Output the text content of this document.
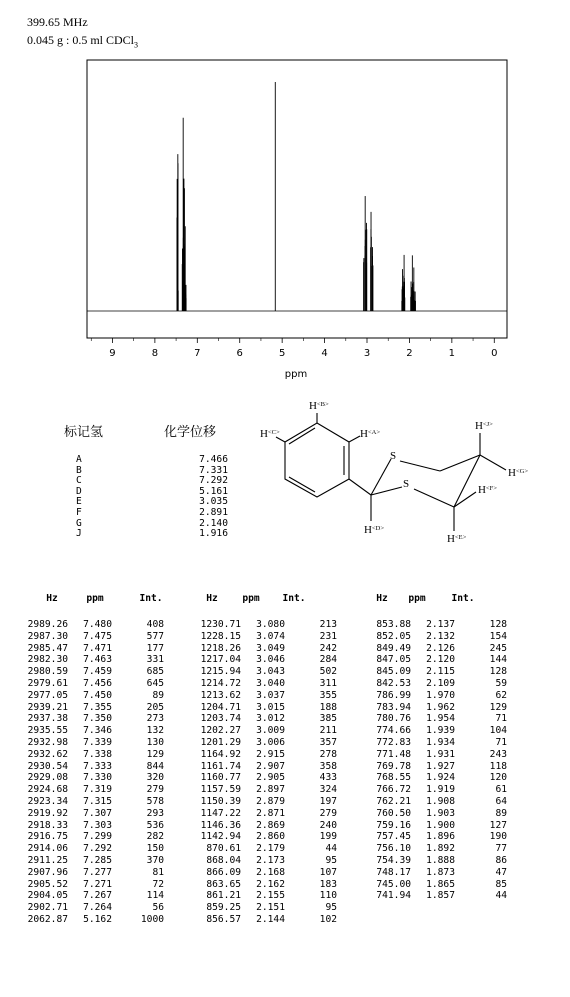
399.65 MHz
0.045 g : 0.5 ml CDCl$_3$
9	8	7	6	5	4	3	2	1	0
ppm
标记氢	化学位移
A	7.466
B	7.331
C	7.292
D	5.161
E	3.035
F	2.891
G	2.140
J	1.916
$H^{<B>}$
$H^{<A>}$
$H^{<C>}$
S
S
$H^{<D>}$
$H^{<J>}$
$H^{<G>}$
$H^{<F>}$
$H^{<E>}$
Hz	ppm	Int.
2989.26	7.480	408
2987.30	7.475	577
2985.47	7.471	177
2982.30	7.463	331
2980.59	7.459	685
2979.61	7.456	645
2977.05	7.450	89
2939.21	7.355	205
2937.38	7.350	273
2935.55	7.346	132
2932.98	7.339	130
2932.62	7.338	129
2930.54	7.333	844
2929.08	7.330	320
2924.68	7.319	279
2923.34	7.315	578
2919.92	7.307	293
2918.33	7.303	536
2916.75	7.299	282
2914.06	7.292	150
2911.25	7.285	370
2907.96	7.277	81
2905.52	7.271	72
2904.05	7.267	114
2902.71	7.264	56
2062.87	5.162	1000
Hz	ppm	Int.
1230.71	3.080	213
1228.15	3.074	231
1218.26	3.049	242
1217.04	3.046	284
1215.94	3.043	502
1214.72	3.040	311
1213.62	3.037	355
1204.71	3.015	188
1203.74	3.012	385
1202.27	3.009	211
1201.29	3.006	357
1164.92	2.915	278
1161.74	2.907	358
1160.77	2.905	433
1157.59	2.897	324
1150.39	2.879	197
1147.22	2.871	279
1146.36	2.869	240
1142.94	2.860	199
870.61	2.179	44
868.04	2.173	95
866.09	2.168	107
863.65	2.162	183
861.21	2.155	110
859.25	2.151	95
856.57	2.144	102
Hz	ppm	Int.
853.88	2.137	128
852.05	2.132	154
849.49	2.126	245
847.05	2.120	144
845.09	2.115	128
842.53	2.109	59
786.99	1.970	62
783.94	1.962	129
780.76	1.954	71
774.66	1.939	104
772.83	1.934	71
771.48	1.931	243
769.78	1.927	118
768.55	1.924	120
766.72	1.919	61
762.21	1.908	64
760.50	1.903	89
759.16	1.900	127
757.45	1.896	190
756.10	1.892	77
754.39	1.888	86
748.17	1.873	47
745.00	1.865	85
741.94	1.857	44
